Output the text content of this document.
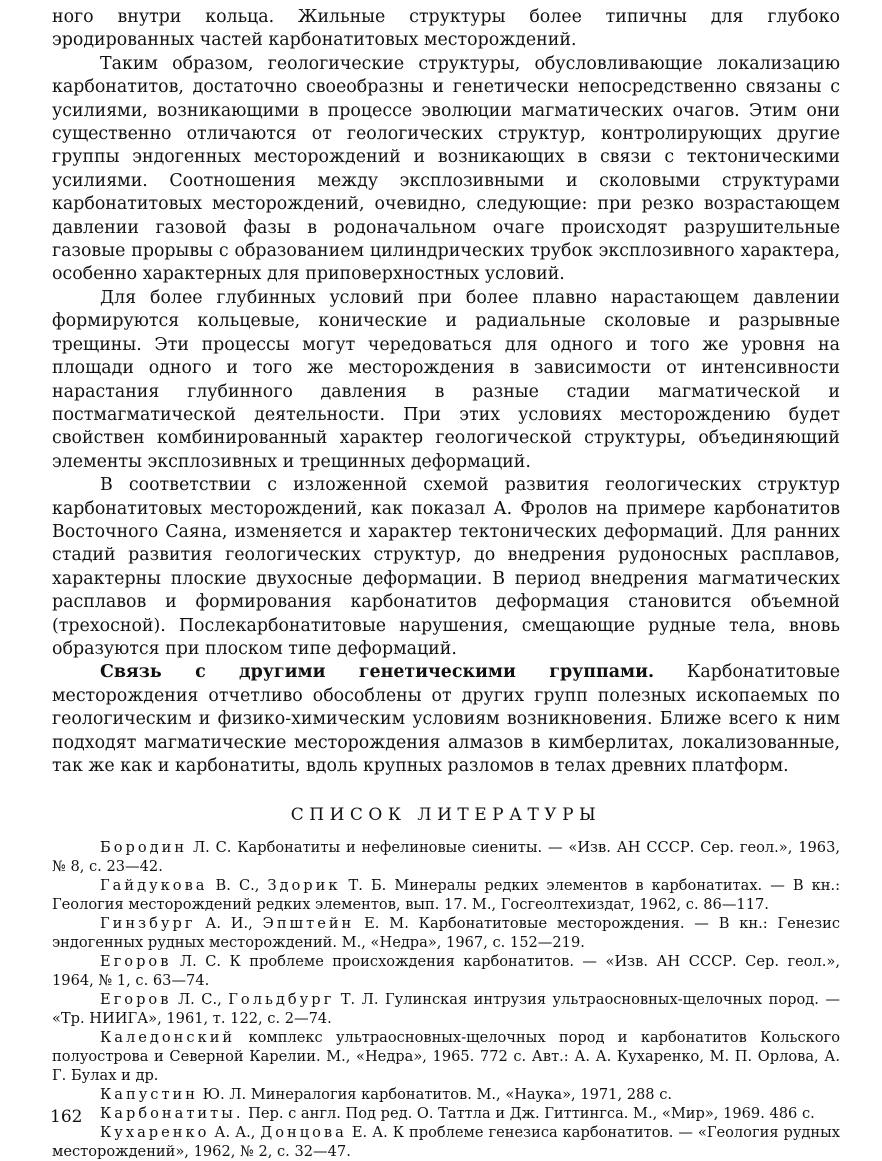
ного внутри кольца. Жильные структуры более типичны для глубоко эродированных частей карбонатитовых месторождений.

Таким образом, геологические структуры, обусловливающие локализацию карбонатитов, достаточно своеобразны и генетически непосредственно связаны с усилиями, возникающими в процессе эволюции магматических очагов. Этим они существенно отличаются от геологических структур, контролирующих другие группы эндогенных месторождений и возникающих в связи с тектоническими усилиями. Соотношения между эксплозивными и сколовыми структурами карбонатитовых месторождений, очевидно, следующие: при резко возрастающем давлении газовой фазы в родоначальном очаге происходят разрушительные газовые прорывы с образованием цилиндрических трубок эксплозивного характера, особенно характерных для приповерхностных условий.

Для более глубинных условий при более плавно нарастающем давлении формируются кольцевые, конические и радиальные сколовые и разрывные трещины. Эти процессы могут чередоваться для одного и того же уровня на площади одного и того же месторождения в зависимости от интенсивности нарастания глубинного давления в разные стадии магматической и постмагматической деятельности. При этих условиях месторождению будет свойствен комбинированный характер геологической структуры, объединяющий элементы эксплозивных и трещинных деформаций.

В соответствии с изложенной схемой развития геологических структур карбонатитовых месторождений, как показал А. Фролов на примере карбонатитов Восточного Саяна, изменяется и характер тектонических деформаций. Для ранних стадий развития геологических структур, до внедрения рудоносных расплавов, характерны плоские двухосные деформации. В период внедрения магматических расплавов и формирования карбонатитов деформация становится объемной (трехосной). Послекарбонатитовые нарушения, смещающие рудные тела, вновь образуются при плоском типе деформаций.

Связь с другими генетическими группами. Карбонатитовые месторождения отчетливо обособлены от других групп полезных ископаемых по геологическим и физико-химическим условиям возникновения. Ближе всего к ним подходят магматические месторождения алмазов в кимберлитах, локализованные, так же как и карбонатиты, вдоль крупных разломов в телах древних платформ.

СПИСОК ЛИТЕРАТУРЫ

Бородин Л. С. Карбонатиты и нефелиновые сиениты. — «Изв. АН СССР. Сер. геол.», 1963, № 8, с. 23—42.

Гайдукова В. С., Здорик Т. Б. Минералы редких элементов в карбонатитах. — В кн.: Геология месторождений редких элементов, вып. 17. М., Госгеолтехиздат, 1962, с. 86—117.

Гинзбург А. И., Эпштейн Е. М. Карбонатитовые месторождения. — В кн.: Генезис эндогенных рудных месторождений. М., «Недра», 1967, с. 152—219.

Егоров Л. С. К проблеме происхождения карбонатитов. — «Изв. АН СССР. Сер. геол.», 1964, № 1, с. 63—74.

Егоров Л. С., Гольдбург Т. Л. Гулинская интрузия ультраосновных-щелочных пород. — «Тр. НИИГА», 1961, т. 122, с. 2—74.

Каледонский комплекс ультраосновных-щелочных пород и карбонатитов Кольского полуострова и Северной Карелии. М., «Недра», 1965. 772 с. Авт.: А. А. Кухаренко, М. П. Орлова, А. Г. Булах и др.

Капустин Ю. Л. Минералогия карбонатитов. М., «Наука», 1971, 288 с.

Карбонатиты. Пер. с англ. Под ред. О. Таттла и Дж. Гиттингса. М., «Мир», 1969. 486 с.

Кухаренко А. А., Донцова Е. А. К проблеме генезиса карбонатитов. — «Геология рудных месторождений», 1962, № 2, с. 32—47.

162
